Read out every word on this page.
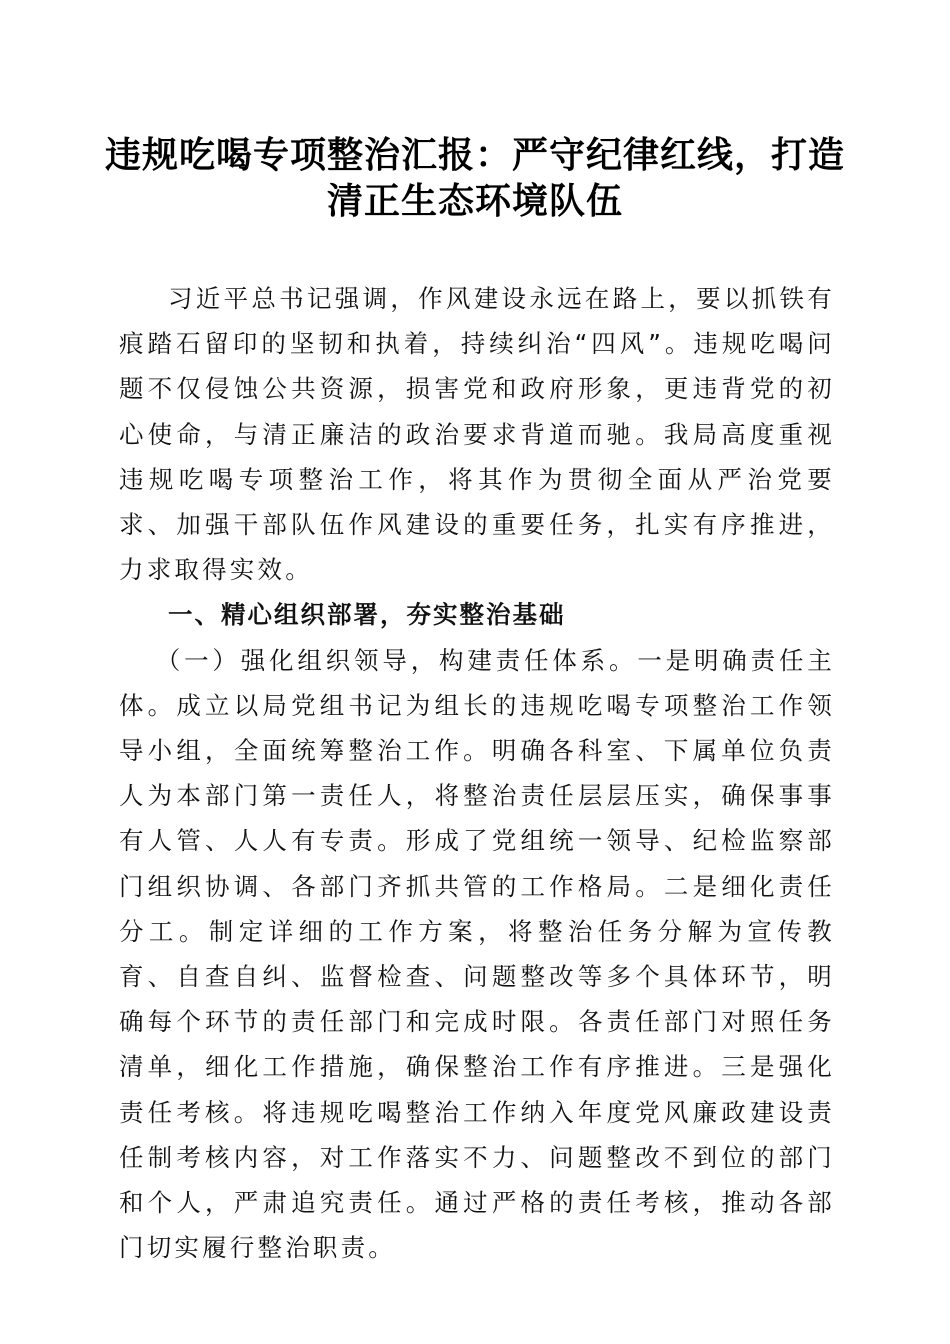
违规吃喝专项整治汇报：严守纪律红线，打造
清正生态环境队伍

习近平总书记强调，作风建设永远在路上，要以抓铁有痕踏石留印的坚韧和执着，持续纠治“四风”。违规吃喝问题不仅侵蚀公共资源，损害党和政府形象，更违背党的初心使命，与清正廉洁的政治要求背道而驰。我局高度重视违规吃喝专项整治工作，将其作为贯彻全面从严治党要求、加强干部队伍作风建设的重要任务，扎实有序推进，力求取得实效。

一、精心组织部署，夯实整治基础

（一）强化组织领导，构建责任体系。一是明确责任主体。成立以局党组书记为组长的违规吃喝专项整治工作领导小组，全面统筹整治工作。明确各科室、下属单位负责人为本部门第一责任人，将整治责任层层压实，确保事事有人管、人人有专责。形成了党组统一领导、纪检监察部门组织协调、各部门齐抓共管的工作格局。二是细化责任分工。制定详细的工作方案，将整治任务分解为宣传教育、自查自纠、监督检查、问题整改等多个具体环节，明确每个环节的责任部门和完成时限。各责任部门对照任务清单，细化工作措施，确保整治工作有序推进。三是强化责任考核。将违规吃喝整治工作纳入年度党风廉政建设责任制考核内容，对工作落实不力、问题整改不到位的部门和个人，严肃追究责任。通过严格的责任考核，推动各部门切实履行整治职责。
